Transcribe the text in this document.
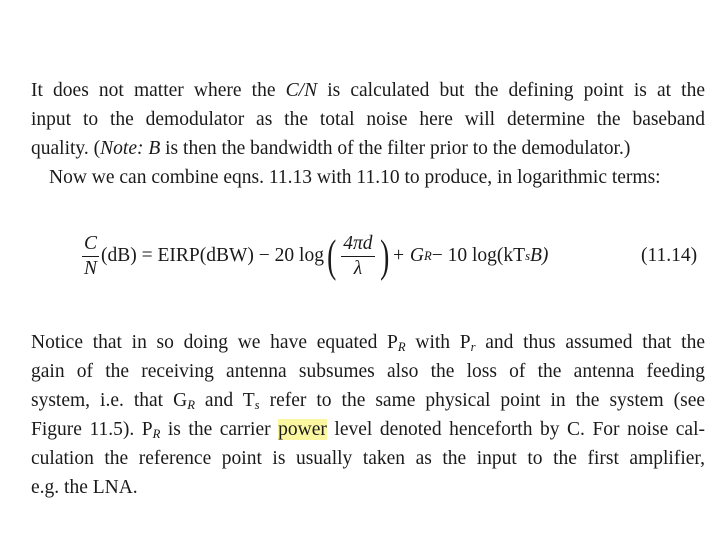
It does not matter where the C/N is calculated but the defining point is at the
input to the demodulator as the total noise here will determine the baseband
quality. (Note: B is then the bandwidth of the filter prior to the demodulator.)
Now we can combine eqns. 11.13 with 11.10 to produce, in logarithmic terms:
$\frac{C}{N} (dB)$ = EIRP(dBW) − 20 log ( $\frac{4\pi d}{\lambda}$ ) + G R − 10 log(kT s B)	(11.14)
Notice that in so doing we have equated $P_R$ with $P_r$ and thus assumed that the
gain of the receiving antenna subsumes also the loss of the antenna feeding
system, i.e. that $G_R$ and $T_s$ refer to the same physical point in the system (see
Figure 11.5). $P_R$ is the carrier power level denoted henceforth by C. For noise cal-
culation the reference point is usually taken as the input to the first amplifier,
e.g. the LNA.
